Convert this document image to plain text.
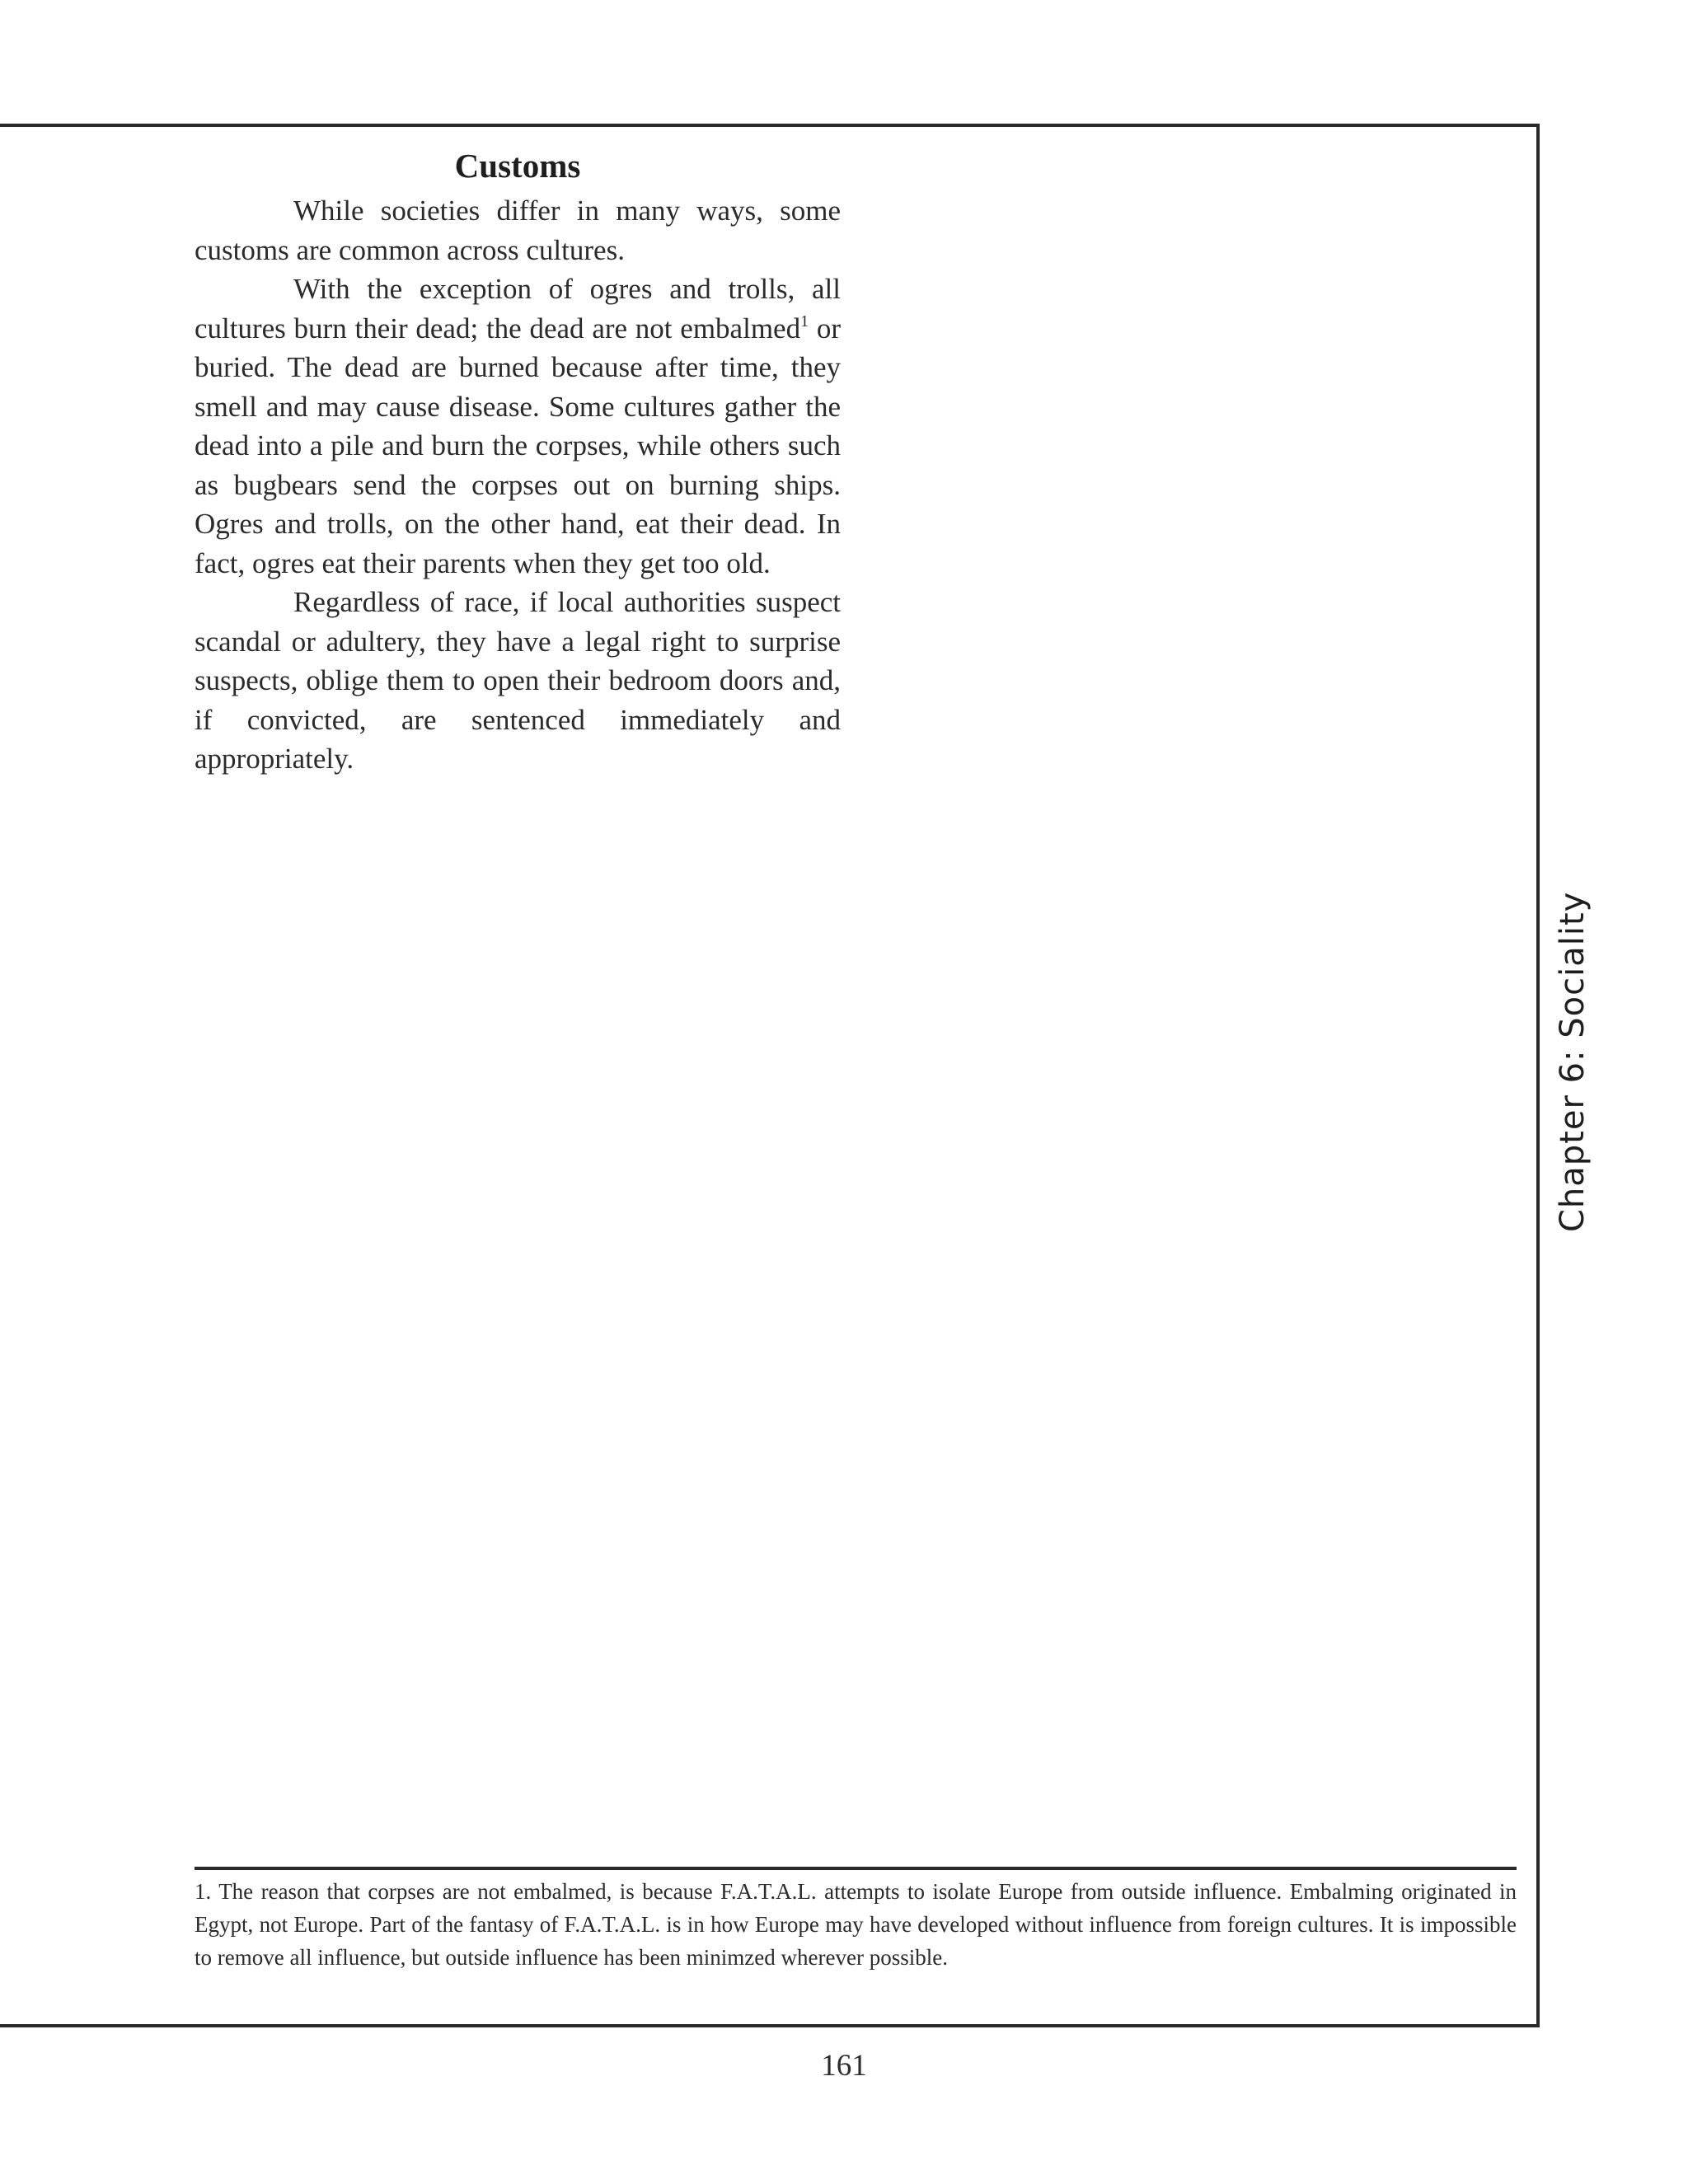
Customs

While societies differ in many ways, some customs are common across cultures.

With the exception of ogres and trolls, all cultures burn their dead; the dead are not embalmed$^1$ or buried. The dead are burned because after time, they smell and may cause disease. Some cultures gather the dead into a pile and burn the corpses, while others such as bugbears send the corpses out on burning ships. Ogres and trolls, on the other hand, eat their dead. In fact, ogres eat their parents when they get too old.

Regardless of race, if local authorities suspect scandal or adultery, they have a legal right to surprise suspects, oblige them to open their bedroom doors and, if convicted, are sentenced immediately and appropriately.

1. The reason that corpses are not embalmed, is because F.A.T.A.L. attempts to isolate Europe from outside influence. Embalming originated in Egypt, not Europe. Part of the fantasy of F.A.T.A.L. is in how Europe may have developed without influence from foreign cultures. It is impossible to remove all influence, but outside influence has been minimzed wherever possible.

Chapter 6: Sociality
161
